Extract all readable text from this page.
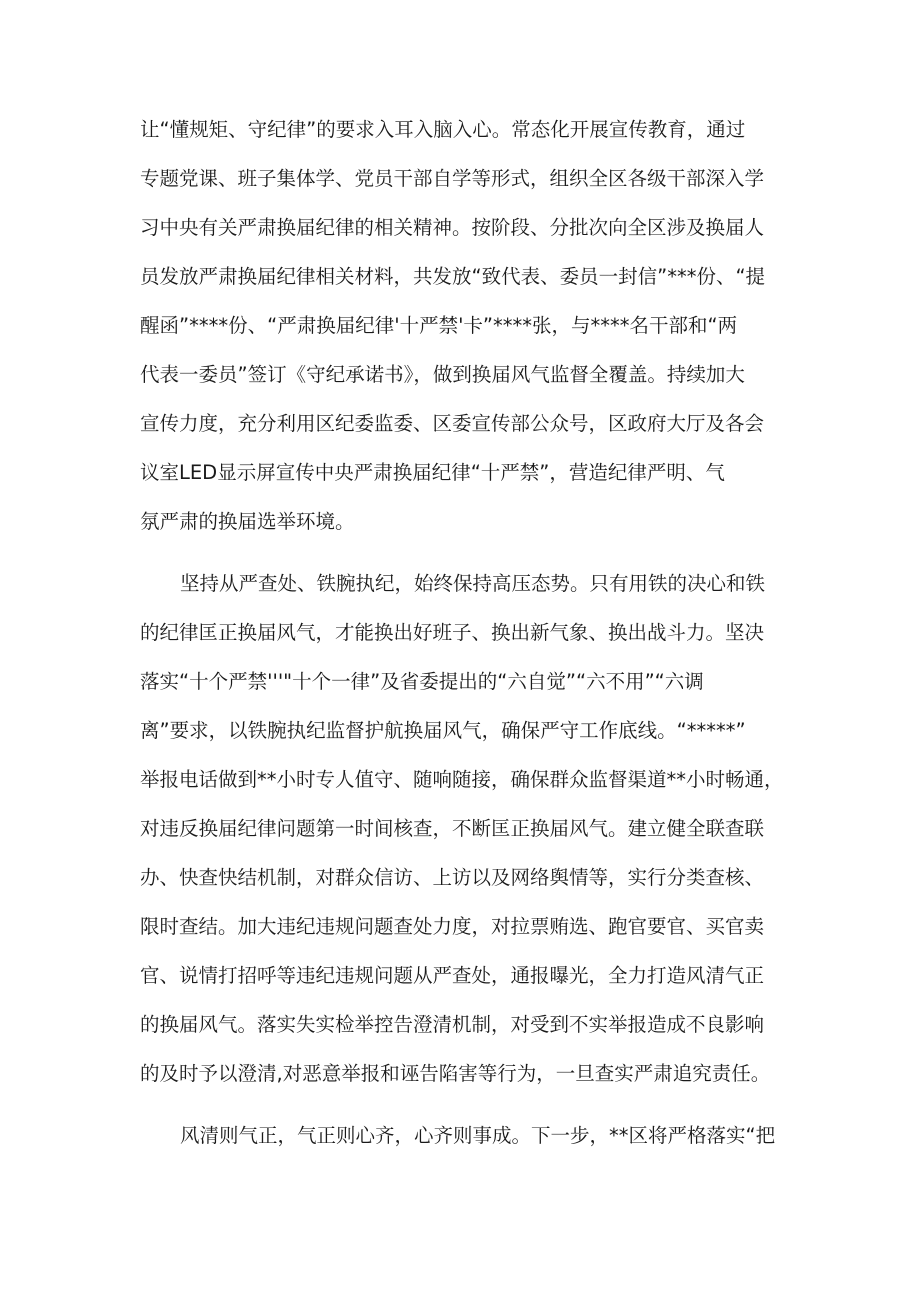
让“懂规矩、守纪律”的要求入耳入脑入心。常态化开展宣传教育，通过
专题党课、班子集体学、党员干部自学等形式，组织全区各级干部深入学
习中央有关严肃换届纪律的相关精神。按阶段、分批次向全区涉及换届人
员发放严肃换届纪律相关材料，共发放“致代表、委员一封信”***份、“提
醒函”****份、“严肃换届纪律'十严禁'卡”****张，与****名干部和“两
代表一委员”签订《守纪承诺书》，做到换届风气监督全覆盖。持续加大
宣传力度，充分利用区纪委监委、区委宣传部公众号，区政府大厅及各会
议室LED显示屏宣传中央严肃换届纪律“十严禁”，营造纪律严明、气
氛严肃的换届选举环境。
坚持从严查处、铁腕执纪，始终保持高压态势。只有用铁的决心和铁
的纪律匡正换届风气，才能换出好班子、换出新气象、换出战斗力。坚决
落实“十个严禁'''"十个一律”及省委提出的“六自觉”“六不用”“六调
离”要求，以铁腕执纪监督护航换届风气，确保严守工作底线。“*****”
举报电话做到**小时专人值守、随响随接，确保群众监督渠道**小时畅通，
对违反换届纪律问题第一时间核查，不断匡正换届风气。建立健全联查联
办、快查快结机制，对群众信访、上访以及网络舆情等，实行分类查核、
限时查结。加大违纪违规问题查处力度，对拉票贿选、跑官要官、买官卖
官、说情打招呼等违纪违规问题从严查处，通报曝光，全力打造风清气正
的换届风气。落实失实检举控告澄清机制，对受到不实举报造成不良影响
的及时予以澄清,对恶意举报和诬告陷害等行为，一旦查实严肃追究责任。
风清则气正，气正则心齐，心齐则事成。下一步，**区将严格落实“把
